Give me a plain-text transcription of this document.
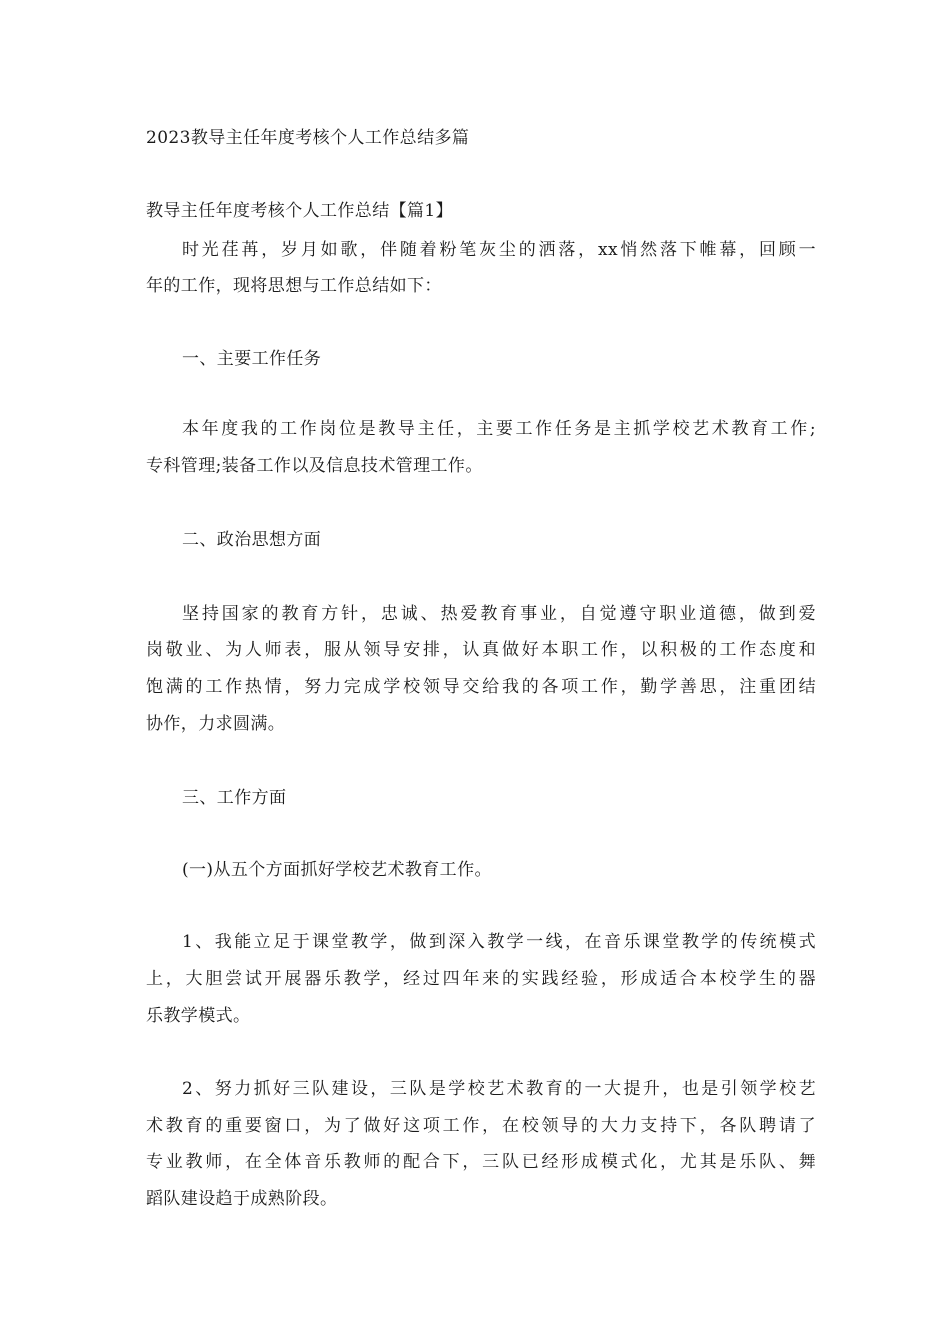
2023教导主任年度考核个人工作总结多篇
教导主任年度考核个人工作总结【篇1】
时光荏苒，岁月如歌，伴随着粉笔灰尘的洒落，xx悄然落下帷幕，回顾一
年的工作，现将思想与工作总结如下：
一、主要工作任务
本年度我的工作岗位是教导主任，主要工作任务是主抓学校艺术教育工作;
专科管理;装备工作以及信息技术管理工作。
二、政治思想方面
坚持国家的教育方针，忠诚、热爱教育事业，自觉遵守职业道德，做到爱
岗敬业、为人师表，服从领导安排，认真做好本职工作，以积极的工作态度和
饱满的工作热情，努力完成学校领导交给我的各项工作，勤学善思，注重团结
协作，力求圆满。
三、工作方面
(一)从五个方面抓好学校艺术教育工作。
1、我能立足于课堂教学，做到深入教学一线，在音乐课堂教学的传统模式
上，大胆尝试开展器乐教学，经过四年来的实践经验，形成适合本校学生的器
乐教学模式。
2、努力抓好三队建设，三队是学校艺术教育的一大提升，也是引领学校艺
术教育的重要窗口，为了做好这项工作，在校领导的大力支持下，各队聘请了
专业教师，在全体音乐教师的配合下，三队已经形成模式化，尤其是乐队、舞
蹈队建设趋于成熟阶段。
